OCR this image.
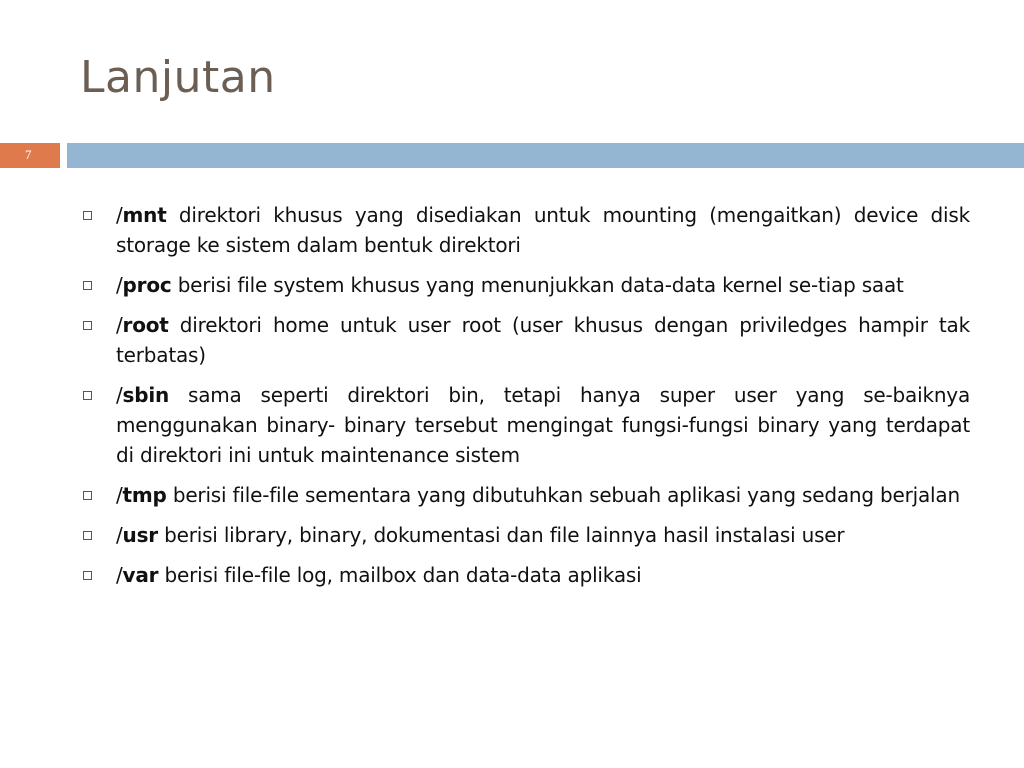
Lanjutan
7
/mnt direktori khusus yang disediakan untuk mounting (mengaitkan) device disk storage ke sistem dalam bentuk direktori
/proc berisi file system khusus yang menunjukkan data-data kernel se-tiap saat
/root direktori home untuk user root (user khusus dengan priviledges hampir tak terbatas)
/sbin sama seperti direktori bin, tetapi hanya super user yang se-baiknya menggunakan binary- binary tersebut mengingat fungsi-fungsi binary yang terdapat di direktori ini untuk maintenance sistem
/tmp berisi file-file sementara yang dibutuhkan sebuah aplikasi yang sedang berjalan
/usr berisi library, binary, dokumentasi dan file lainnya hasil instalasi user
/var berisi file-file log, mailbox dan data-data aplikasi
